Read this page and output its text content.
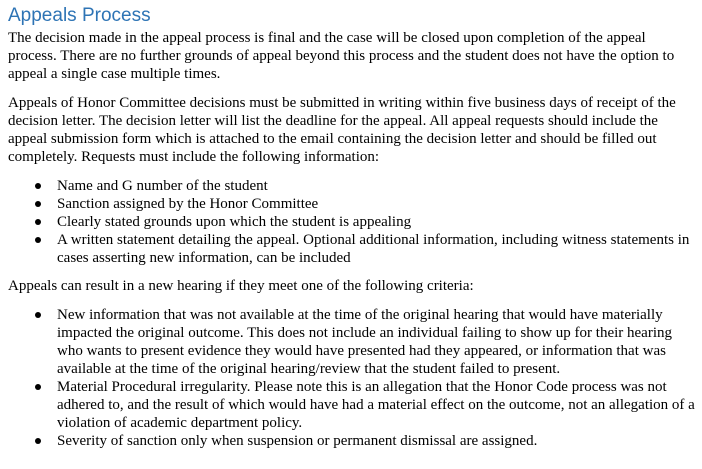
Appeals Process

The decision made in the appeal process is final and the case will be closed upon completion of the appeal process. There are no further grounds of appeal beyond this process and the student does not have the option to appeal a single case multiple times.

Appeals of Honor Committee decisions must be submitted in writing within five business days of receipt of the decision letter. The decision letter will list the deadline for the appeal. All appeal requests should include the appeal submission form which is attached to the email containing the decision letter and should be filled out completely. Requests must include the following information:

Name and G number of the student
Sanction assigned by the Honor Committee
Clearly stated grounds upon which the student is appealing
A written statement detailing the appeal. Optional additional information, including witness statements in cases asserting new information, can be included

Appeals can result in a new hearing if they meet one of the following criteria:

New information that was not available at the time of the original hearing that would have materially impacted the original outcome. This does not include an individual failing to show up for their hearing who wants to present evidence they would have presented had they appeared, or information that was available at the time of the original hearing/review that the student failed to present.
Material Procedural irregularity. Please note this is an allegation that the Honor Code process was not adhered to, and the result of which would have had a material effect on the outcome, not an allegation of a violation of academic department policy.
Severity of sanction only when suspension or permanent dismissal are assigned.
